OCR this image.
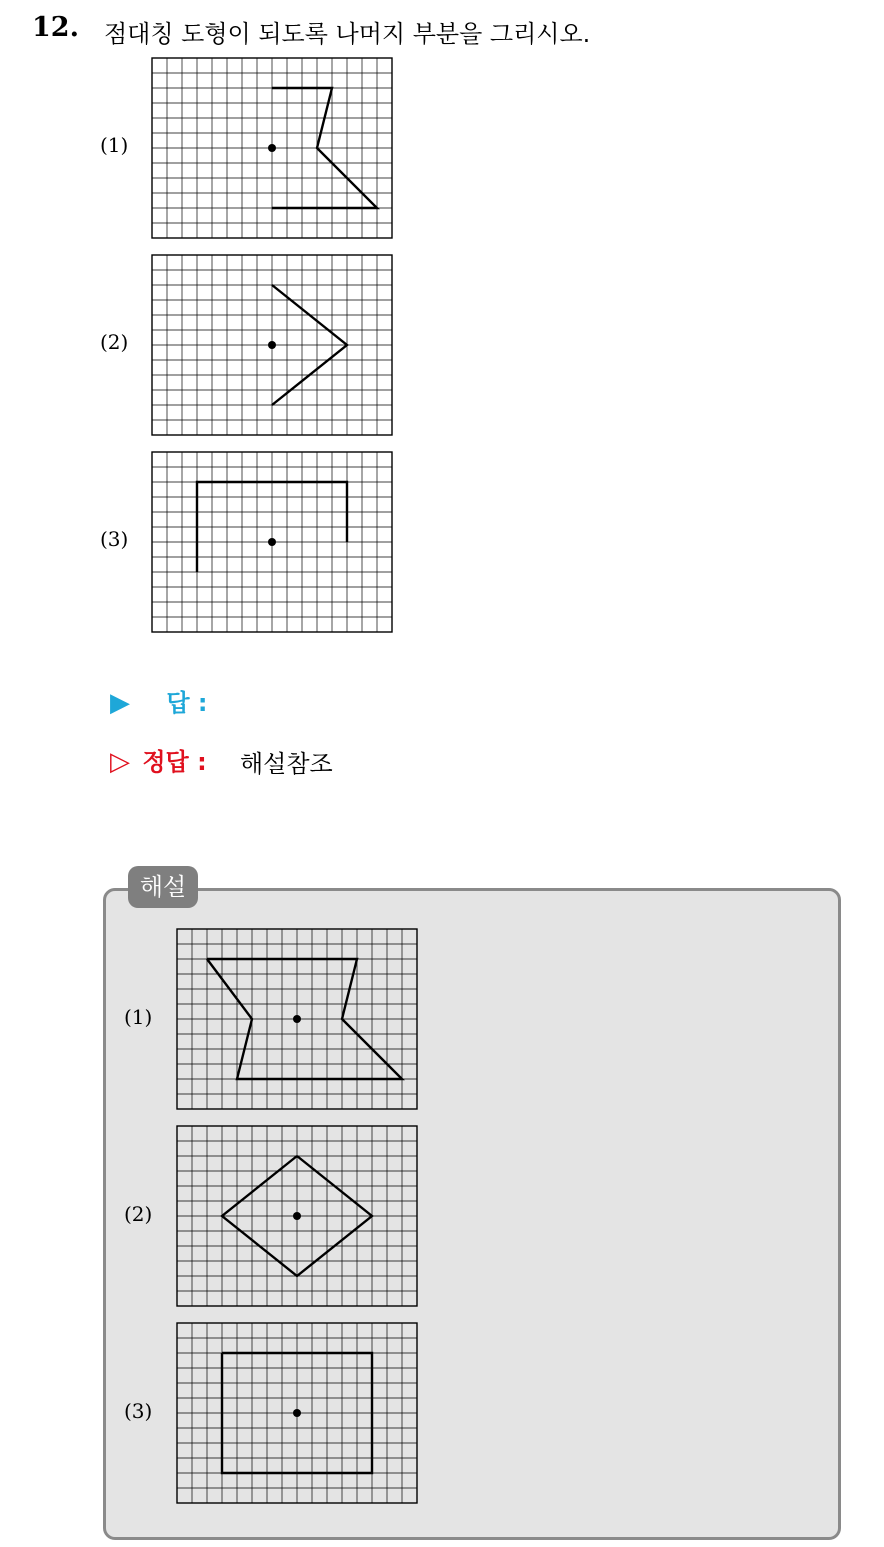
12. 점대칭 도형이 되도록 나머지 부분을 그리시오.
(1)
(2)
(3)
▶ 답 :
▷ 정답 : 해설참조
해설
(1)
(2)
(3)
